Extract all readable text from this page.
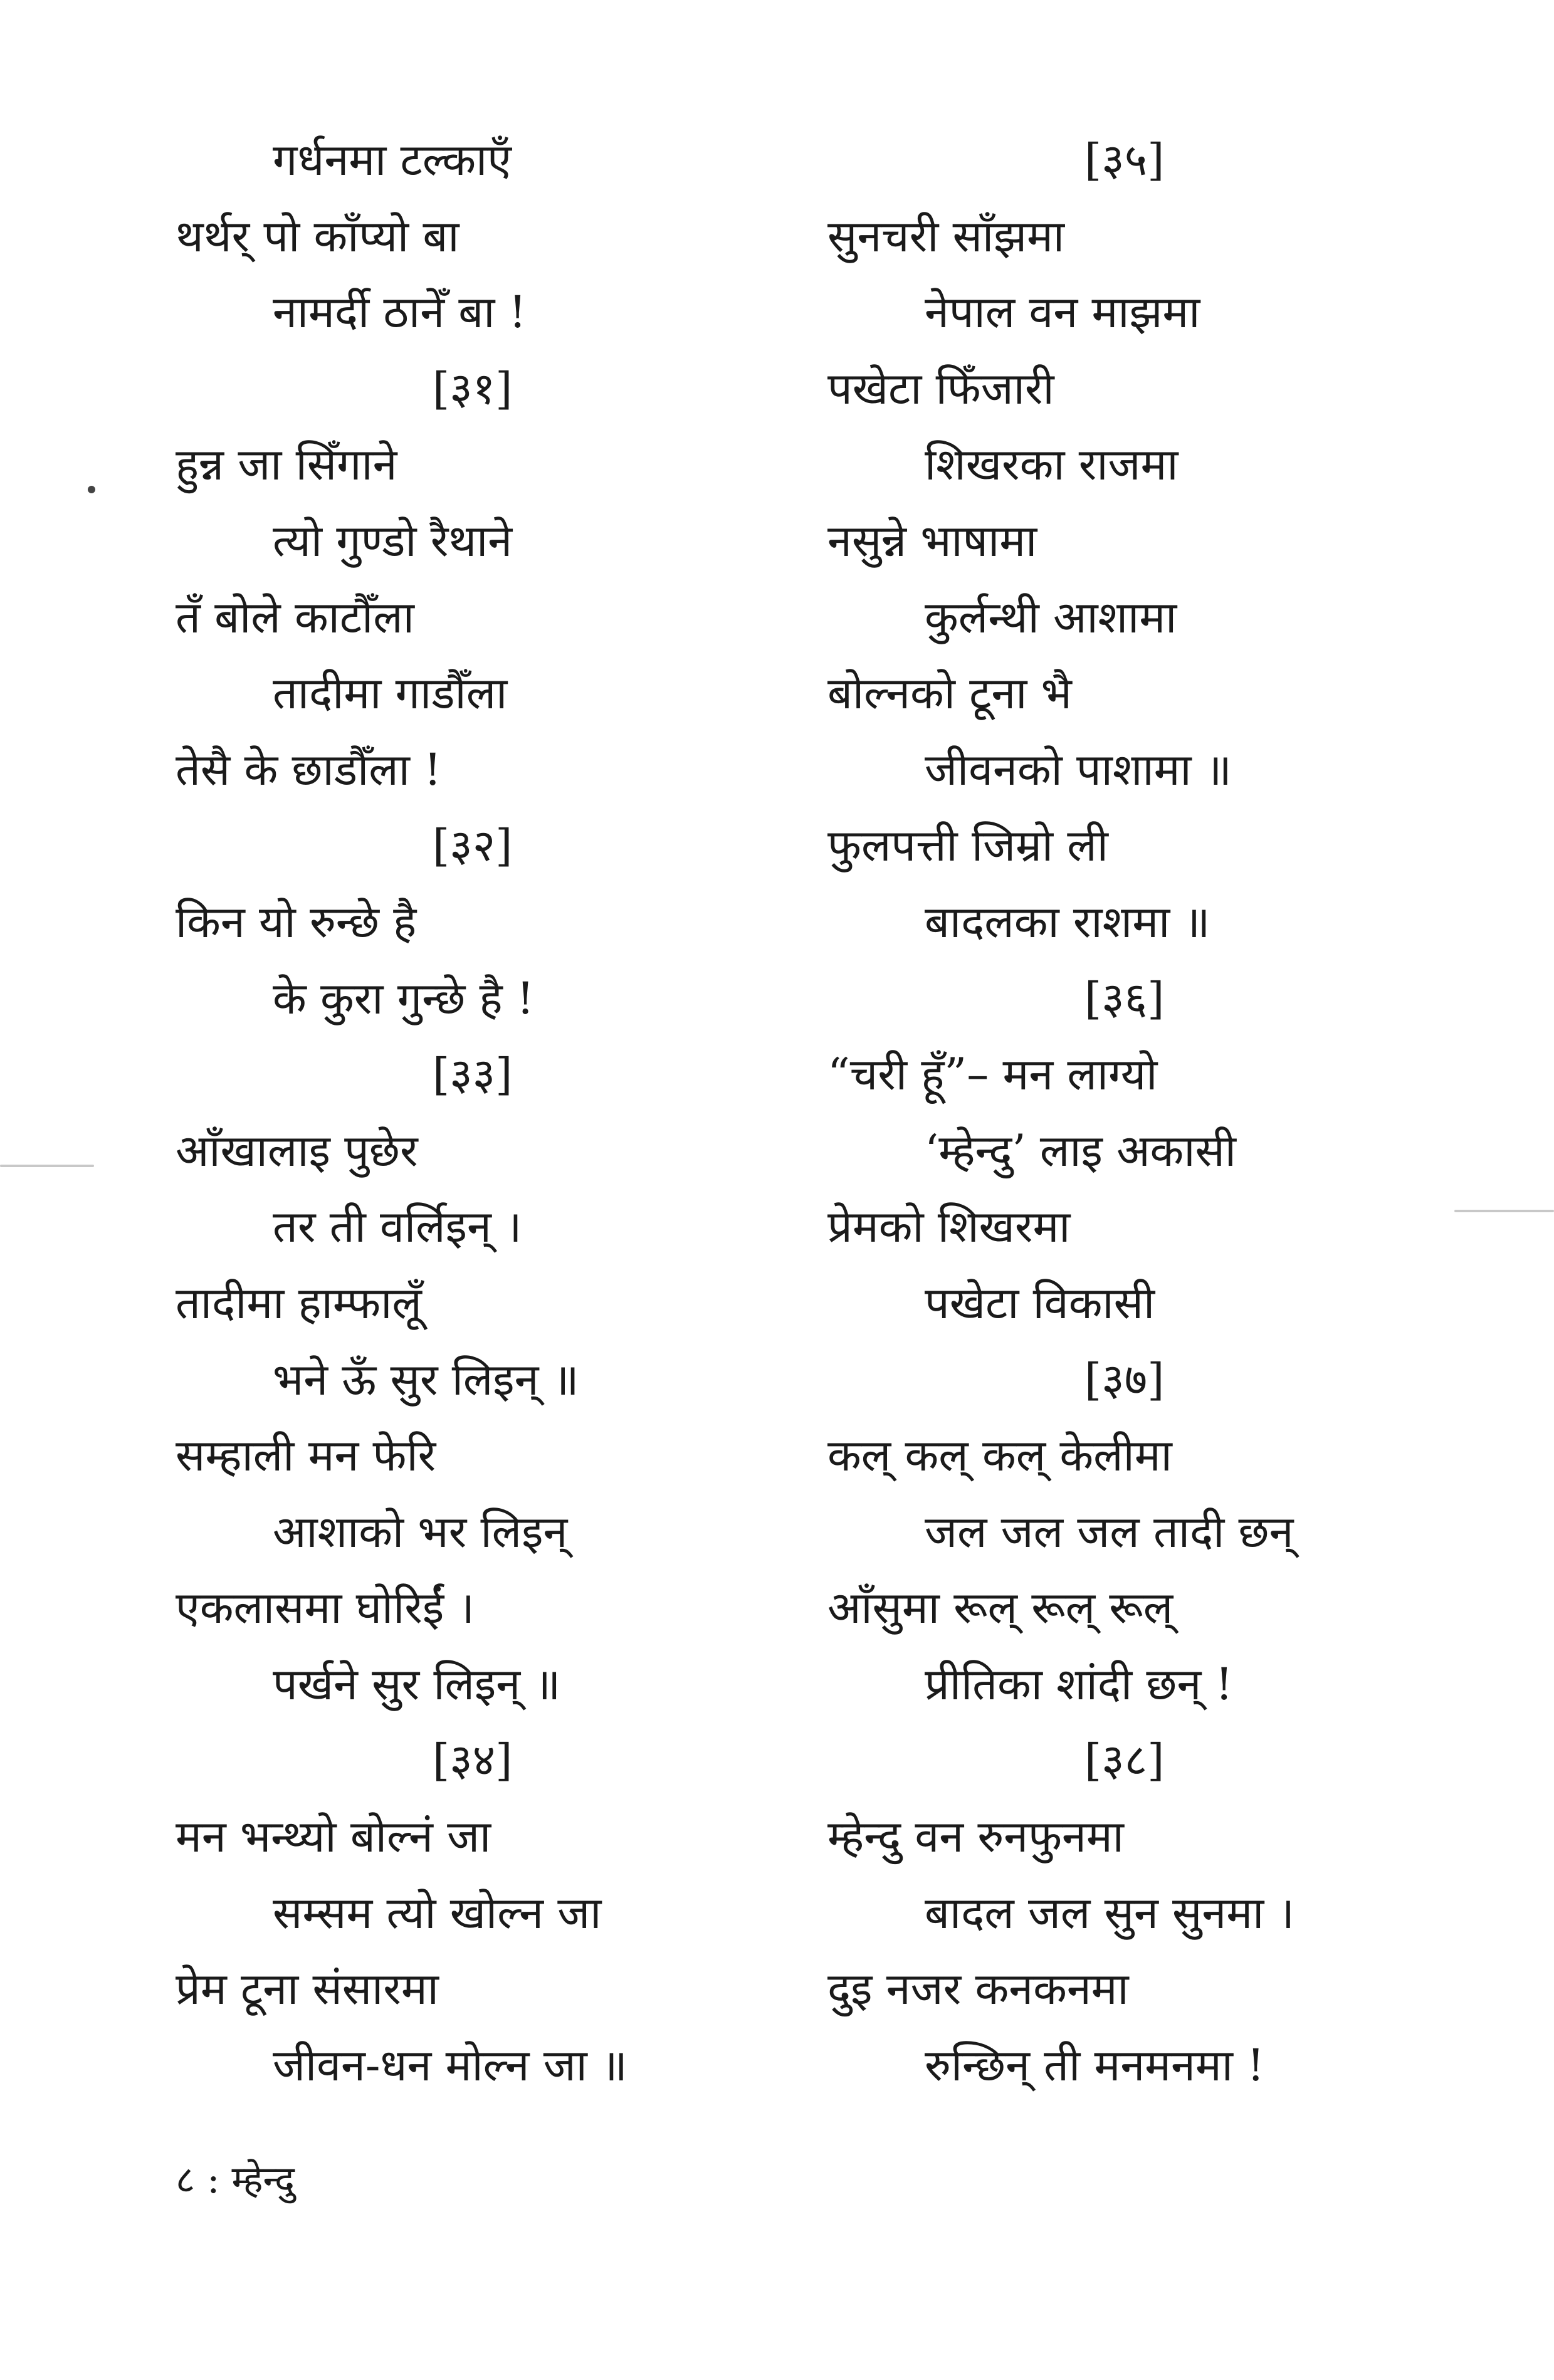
गर्धनमा टल्काएँ
थर्थर् पो काँप्यो बा
नामर्दी ठानेँ बा !
[३१]
हुन्न जा सिँगाने
त्यो गुण्डो रैथाने
तँ बोले काटौँला
तादीमा गाडौँला
तेसै के छाडौँला !
[३२]
किन यो रुन्छे है
के कुरा गुन्छे है !
[३३]
आँखालाइ पुछेर
तर ती वर्लिइन् ।
तादीमा हाम्फालूँ
भने ऊँ सुर लिइन् ॥
सम्हाली मन फेरि
आशाको भर लिइन्
एकलासमा घोरिईं ।
पर्खने सुर लिइन् ॥
[३४]
मन भन्थ्यो बोल्नं जा
सम्सम त्यो खोल्न जा
प्रेम टूना संसारमा
जीवन-धन मोल्न जा ॥
[३५]
सुनचरी साँझमा
नेपाल वन माझमा
पखेटा फिँजारी
शिखरका राजमा
नसुन्ने भाषामा
कुर्लन्थी आशामा
बोल्नको टूना भै
जीवनको पाशामा ॥
फुलपत्ती जिम्रो ली
बादलका राशमा ॥
[३६]
“चरी हूँ”– मन लाग्यो
‘म्हेन्दु’ लाइ अकासी
प्रेमको शिखरमा
पखेटा विकासी
[३७]
कल् कल् कल् केलीमा
जल जल जल तादी छन्
आँसुमा रूल् रूल् रूल्
प्रीतिका शांदी छन् !
[३८]
म्हेन्दु वन रुनफुनमा
बादल जल सुन सुनमा ।
दुइ नजर कनकनमा
रुन्छिन् ती मनमनमा !
८ : म्हेन्दु
